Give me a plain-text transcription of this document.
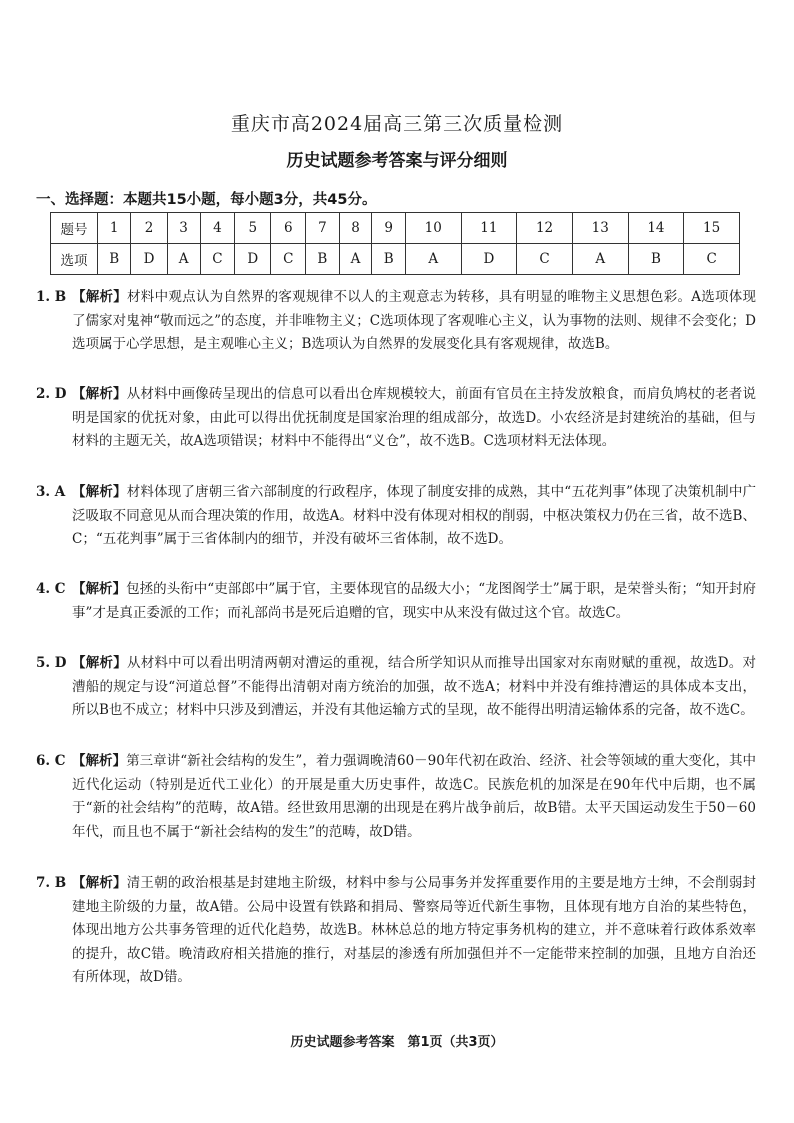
重庆市高2024届高三第三次质量检测
历史试题参考答案与评分细则
一、选择题：本题共15小题，每小题3分，共45分。
题号	1	2	3	4	5	6	7	8	9	10	11	12	13	14	15
选项	B	D	A	C	D	C	B	A	B	A	D	C	A	B	C
1. B 【解析】材料中观点认为自然界的客观规律不以人的主观意志为转移，具有明显的唯物主义思想色彩。A选项体现了儒家对鬼神“敬而远之”的态度，并非唯物主义；C选项体现了客观唯心主义，认为事物的法则、规律不会变化；D选项属于心学思想，是主观唯心主义；B选项认为自然界的发展变化具有客观规律，故选B。
2. D 【解析】从材料中画像砖呈现出的信息可以看出仓库规模较大，前面有官员在主持发放粮食，而肩负鸠杖的老者说明是国家的优抚对象，由此可以得出优抚制度是国家治理的组成部分，故选D。小农经济是封建统治的基础，但与材料的主题无关，故A选项错误；材料中不能得出“义仓”，故不选B。C选项材料无法体现。
3. A 【解析】材料体现了唐朝三省六部制度的行政程序，体现了制度安排的成熟，其中“五花判事”体现了决策机制中广泛吸取不同意见从而合理决策的作用，故选A。材料中没有体现对相权的削弱，中枢决策权力仍在三省，故不选B、C；“五花判事”属于三省体制内的细节，并没有破坏三省体制，故不选D。
4. C 【解析】包拯的头衔中“吏部郎中”属于官，主要体现官的品级大小；“龙图阁学士”属于职，是荣誉头衔；“知开封府事”才是真正委派的工作；而礼部尚书是死后追赠的官，现实中从来没有做过这个官。故选C。
5. D 【解析】从材料中可以看出明清两朝对漕运的重视，结合所学知识从而推导出国家对东南财赋的重视，故选D。对漕船的规定与设“河道总督”不能得出清朝对南方统治的加强，故不选A；材料中并没有维持漕运的具体成本支出，所以B也不成立；材料中只涉及到漕运，并没有其他运输方式的呈现，故不能得出明清运输体系的完备，故不选C。
6. C 【解析】第三章讲“新社会结构的发生”，着力强调晚清60－90年代初在政治、经济、社会等领域的重大变化，其中近代化运动（特别是近代工业化）的开展是重大历史事件，故选C。民族危机的加深是在90年代中后期，也不属于“新的社会结构”的范畴，故A错。经世致用思潮的出现是在鸦片战争前后，故B错。太平天国运动发生于50－60年代，而且也不属于“新社会结构的发生”的范畴，故D错。
7. B 【解析】清王朝的政治根基是封建地主阶级，材料中参与公局事务并发挥重要作用的主要是地方士绅，不会削弱封建地主阶级的力量，故A错。公局中设置有铁路和捐局、警察局等近代新生事物，且体现有地方自治的某些特色，体现出地方公共事务管理的近代化趋势，故选B。林林总总的地方特定事务机构的建立，并不意味着行政体系效率的提升，故C错。晚清政府相关措施的推行，对基层的渗透有所加强但并不一定能带来控制的加强，且地方自治还有所体现，故D错。
历史试题参考答案　第1页（共3页）
